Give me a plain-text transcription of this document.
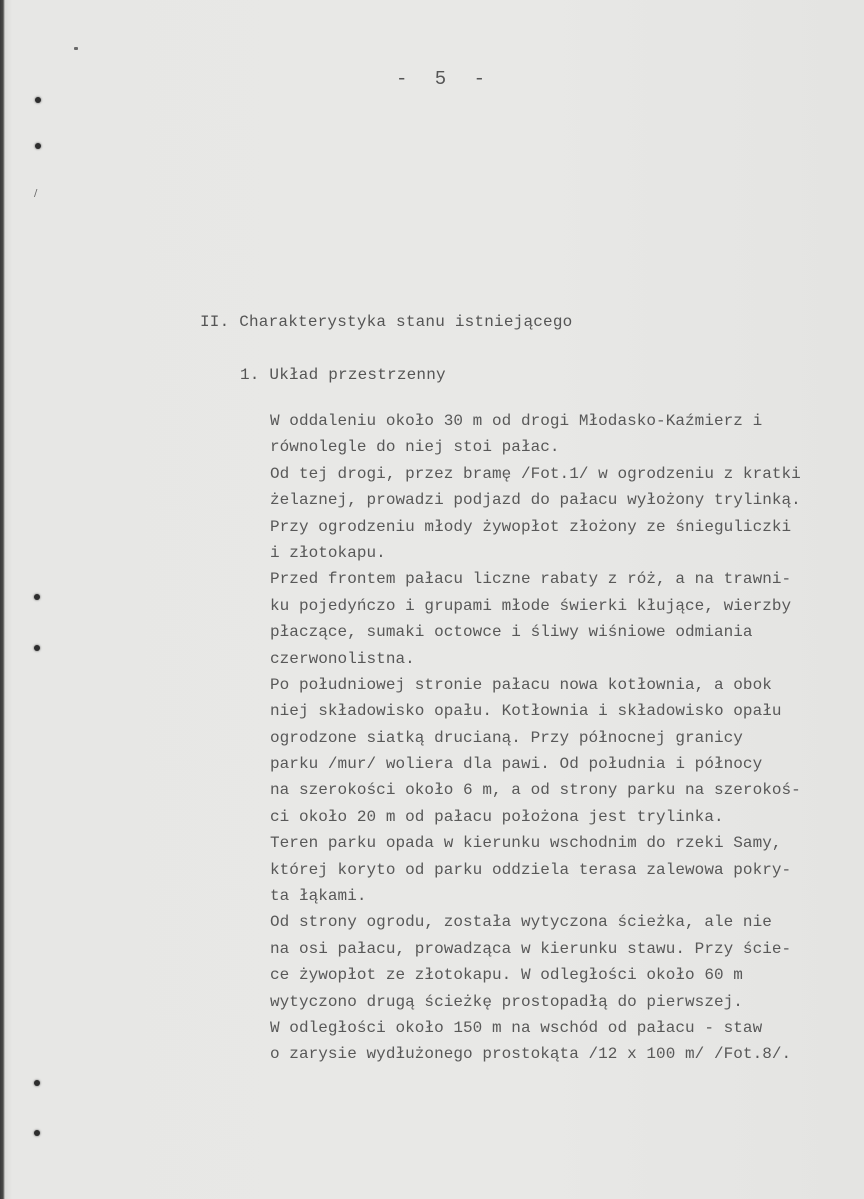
/
- 5 -
II. Charakterystyka stanu istniejącego
1. Układ przestrzenny
W oddaleniu około 30 m od drogi Młodasko-Kaźmierz i
równolegle do niej stoi pałac.
Od tej drogi, przez bramę /Fot.1/ w ogrodzeniu z kratki
żelaznej, prowadzi podjazd do pałacu wyłożony trylinką.
Przy ogrodzeniu młody żywopłot złożony ze śnieguliczki
i złotokapu.
Przed frontem pałacu liczne rabaty z róż, a na trawni-
ku pojedyńczo i grupami młode świerki kłujące, wierzby
płaczące, sumaki octowce i śliwy wiśniowe odmiania
czerwonolistna.
Po południowej stronie pałacu nowa kotłownia, a obok
niej składowisko opału. Kotłownia i składowisko opału
ogrodzone siatką drucianą. Przy północnej granicy
parku /mur/ woliera dla pawi. Od południa i północy
na szerokości około 6 m, a od strony parku na szerokoś-
ci około 20 m od pałacu położona jest trylinka.
Teren parku opada w kierunku wschodnim do rzeki Samy,
której koryto od parku oddziela terasa zalewowa pokry-
ta łąkami.
Od strony ogrodu, została wytyczona ścieżka, ale nie
na osi pałacu, prowadząca w kierunku stawu. Przy ście-
ce żywopłot ze złotokapu. W odległości około 60 m
wytyczono drugą ścieżkę prostopadłą do pierwszej.
W odległości około 150 m na wschód od pałacu - staw
o zarysie wydłużonego prostokąta /12 x 100 m/ /Fot.8/.
